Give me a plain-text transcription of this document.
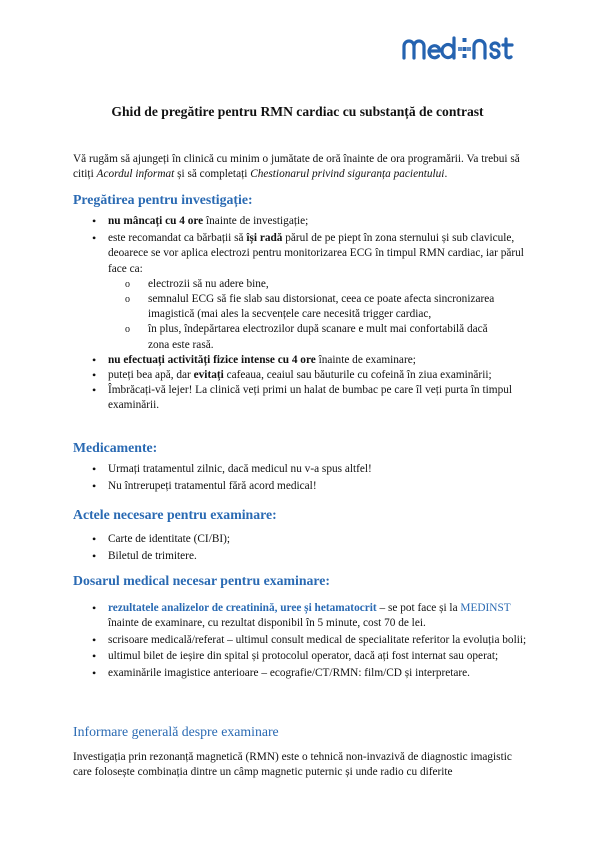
Ghid de pregătire pentru RMN cardiac cu substanță de contrast
Vă rugăm să ajungeți în clinică cu minim o jumătate de oră înainte de ora programării. Va trebui să citiți Acordul informat și să completați Chestionarul privind siguranța pacientului.
Pregătirea pentru investigație:
• nu mâncați cu 4 ore înainte de investigație;
• este recomandat ca bărbații să își radă părul de pe piept în zona sternului și sub clavicule, deoarece se vor aplica electrozi pentru monitorizarea ECG în timpul RMN cardiac, iar părul face ca:
o electrozii să nu adere bine,
o semnalul ECG să fie slab sau distorsionat, ceea ce poate afecta sincronizarea imagistică (mai ales la secvențele care necesită trigger cardiac,
o în plus, îndepărtarea electrozilor după scanare e mult mai confortabilă dacă zona este rasă.
• nu efectuați activități fizice intense cu 4 ore înainte de examinare;
• puteți bea apă, dar evitați cafeaua, ceaiul sau băuturile cu cofeină în ziua examinării;
• Îmbrăcați-vă lejer! La clinică veți primi un halat de bumbac pe care îl veți purta în timpul examinării.
Medicamente:
• Urmați tratamentul zilnic, dacă medicul nu v-a spus altfel!
• Nu întrerupeți tratamentul fără acord medical!
Actele necesare pentru examinare:
• Carte de identitate (CI/BI);
• Biletul de trimitere.
Dosarul medical necesar pentru examinare:
• rezultatele analizelor de creatinină, uree și hetamatocrit – se pot face și la MEDINST înainte de examinare, cu rezultat disponibil în 5 minute, cost 70 de lei.
• scrisoare medicală/referat – ultimul consult medical de specialitate referitor la evoluția bolii;
• ultimul bilet de ieșire din spital și protocolul operator, dacă ați fost internat sau operat;
• examinările imagistice anterioare – ecografie/CT/RMN: film/CD și interpretare.
Informare generală despre examinare
Investigația prin rezonanță magnetică (RMN) este o tehnică non-invazivă de diagnostic imagistic care folosește combinația dintre un câmp magnetic puternic și unde radio cu diferite
